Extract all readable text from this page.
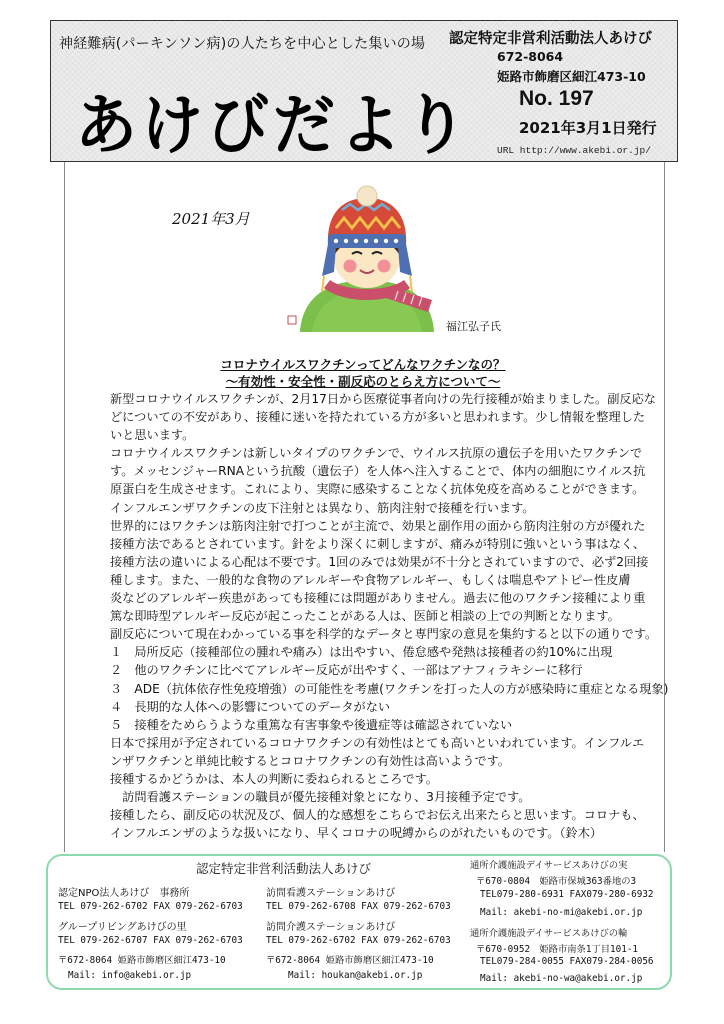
神経難病(パーキンソン病)の人たちを中心とした集いの場
あけびだより
認定特定非営利活動法人あけび
672-8064
姫路市飾磨区細江473-10
No. 197
2021年3月1日発行
URL http://www.akebi.or.jp/
2021年3月
福江弘子氏
コロナウイルスワクチンってどんなワクチンなの？
～有効性・安全性・副反応のとらえ方について～

新型コロナウイルスワクチンが、2月17日から医療従事者向けの先行接種が始まりました。副反応な

どについての不安があり、接種に迷いを持たれている方が多いと思われます。少し情報を整理した

いと思います。

コロナウイルスワクチンは新しいタイプのワクチンで、ウイルス抗原の遺伝子を用いたワクチンで

す。メッセンジャーRNAという抗酸（遺伝子）を人体へ注入することで、体内の細胞にウイルス抗

原蛋白を生成させます。これにより、実際に感染することなく抗体免疫を高めることができます。

インフルエンザワクチンの皮下注射とは異なり、筋肉注射で接種を行います。

世界的にはワクチンは筋肉注射で打つことが主流で、効果と副作用の面から筋肉注射の方が優れた

接種方法であるとされています。針をより深くに刺しますが、痛みが特別に強いという事はなく、

接種方法の違いによる心配は不要です。1回のみでは効果が不十分とされていますので、必ず2回接

種します。また、一般的な食物のアレルギーや食物アレルギー、もしくは喘息やアトピー性皮膚

炎などのアレルギー疾患があっても接種には問題がありません。過去に他のワクチン接種により重

篤な即時型アレルギー反応が起こったことがある人は、医師と相談の上での判断となります。

副反応について現在わかっている事を科学的なデータと専門家の意見を集約すると以下の通りです。

１　局所反応（接種部位の腫れや痛み）は出やすい、倦怠感や発熱は接種者の約10%に出現

２　他のワクチンに比べてアレルギー反応が出やすく、一部はアナフィラキシーに移行

３　ADE（抗体依存性免疫増強）の可能性を考慮(ワクチンを打った人の方が感染時に重症となる現象)

４　長期的な人体への影響についてのデータがない

５　接種をためらうような重篤な有害事象や後遺症等は確認されていない

日本で採用が予定されているコロナワクチンの有効性はとても高いといわれています。インフルエ

ンザワクチンと単純比較するとコロナワクチンの有効性は高いようです。

接種するかどうかは、本人の判断に委ねられるところです。

　訪問看護ステーションの職員が優先接種対象とになり、3月接種予定です。

接種したら、副反応の状況及び、個人的な感想をこちらでお伝え出来たらと思います。コロナも、

インフルエンザのような扱いになり、早くコロナの呪縛からのがれたいものです。（鈴木）

認定特定非営利活動法人あけび
認定NPO法人あけび　事務所
TEL 079-262-6702 FAX 079-262-6703
グループリビングあけびの里
TEL 079-262-6707 FAX 079-262-6703
〒672-8064 姫路市飾磨区細江473-10
Mail: info@akebi.or.jp
訪問看護ステーションあけび
TEL 079-262-6708 FAX 079-262-6703
訪問介護ステーションあけび
TEL 079-262-6702 FAX 079-262-6703
〒672-8064 姫路市飾磨区細江473-10
Mail: houkan@akebi.or.jp
通所介護施設デイサービスあけびの実
〒670-0804　姫路市保城363番地の3
TEL079-280-6931 FAX079-280-6932
Mail: akebi-no-mi@akebi.or.jp
通所介護施設デイサービスあけびの輪
〒670-0952　姫路市南条1丁目101-1
TEL079-284-0055 FAX079-284-0056
Mail: akebi-no-wa@akebi.or.jp
